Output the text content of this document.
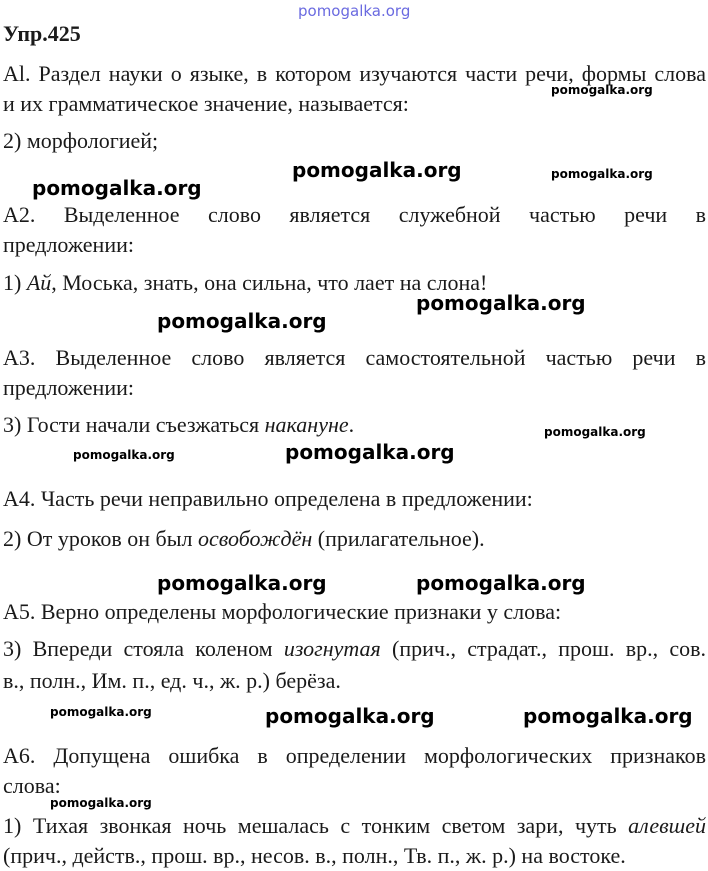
pomogalka.org
Упр.425
Al. Раздел науки о языке, в котором изучаются части речи, формы слова
и их грамматическое значение, называется:
pomogalka.org
2) морфологией;
pomogalka.org	pomogalka.org
pomogalka.org
А2. Выделенное слово является служебной частью речи в
предложении:
1) Ай, Моська, знать, она сильна, что лает на слона!
pomogalka.org
pomogalka.org
А3. Выделенное слово является самостоятельной частью речи в
предложении:
3) Гости начали съезжаться накануне.	pomogalka.org
pomogalka.org
pomogalka.org
А4. Часть речи неправильно определена в предложении:
2) От уроков он был освобождён (прилагательное).
pomogalka.org	pomogalka.org
А5. Верно определены морфологические признаки у слова:
3) Впереди стояла коленом изогнутая (прич., страдат., прош. вр., сов.
в., полн., Им. п., ед. ч., ж. р.) берёза.
pomogalka.org	pomogalka.org	pomogalka.org
А6. Допущена ошибка в определении морфологических признаков
слова:
pomogalka.org
1) Тихая звонкая ночь мешалась с тонким светом зари, чуть алевшей
(прич., действ., прош. вр., несов. в., полн., Тв. п., ж. р.) на востоке.
